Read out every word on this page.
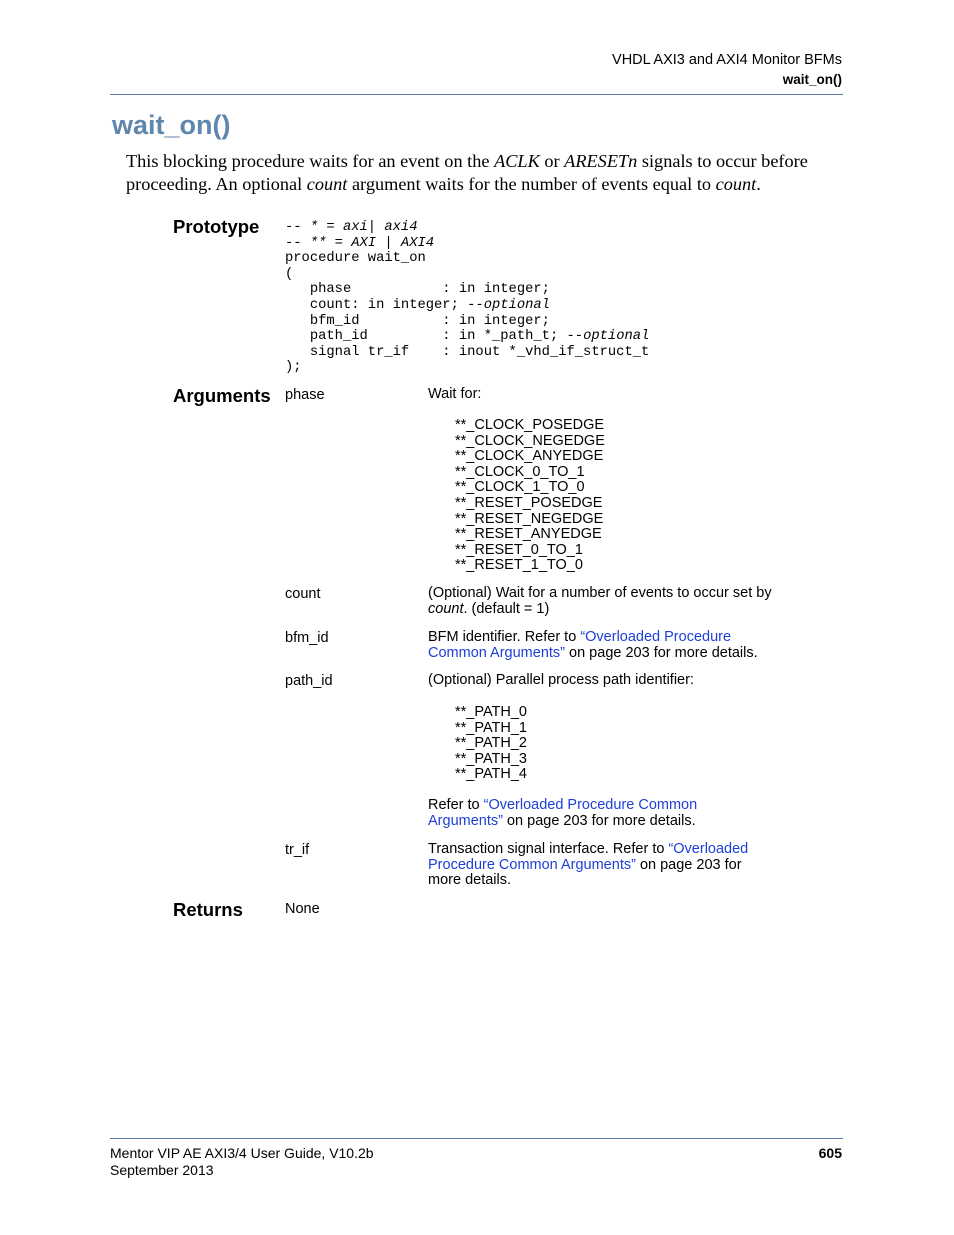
VHDL AXI3 and AXI4 Monitor BFMs
wait_on()
wait_on()
This blocking procedure waits for an event on the ACLK or ARESETn signals to occur before proceeding. An optional count argument waits for the number of events equal to count.
Prototype -- * = axi| axi4
-- ** = AXI | AXI4
procedure wait_on
(
phase           : in integer;
count: in integer; --optional
bfm_id          : in integer;
path_id         : in *_path_t; --optional
signal tr_if    : inout *_vhd_if_struct_t
);
Arguments phase	Wait for:
**_CLOCK_POSEDGE
**_CLOCK_NEGEDGE
**_CLOCK_ANYEDGE
**_CLOCK_0_TO_1
**_CLOCK_1_TO_0
**_RESET_POSEDGE
**_RESET_NEGEDGE
**_RESET_ANYEDGE
**_RESET_0_TO_1
**_RESET_1_TO_0
count	(Optional) Wait for a number of events to occur set by
count. (default = 1)
bfm_id	BFM identifier. Refer to “Overloaded Procedure
Common Arguments” on page 203 for more details.
path_id	(Optional) Parallel process path identifier:
**_PATH_0
**_PATH_1
**_PATH_2
**_PATH_3
**_PATH_4
Refer to “Overloaded Procedure Common
Arguments” on page 203 for more details.
tr_if	Transaction signal interface. Refer to “Overloaded
Procedure Common Arguments” on page 203 for
more details.
Returns	None
Mentor VIP AE AXI3/4 User Guide, V10.2b
September 2013
605
